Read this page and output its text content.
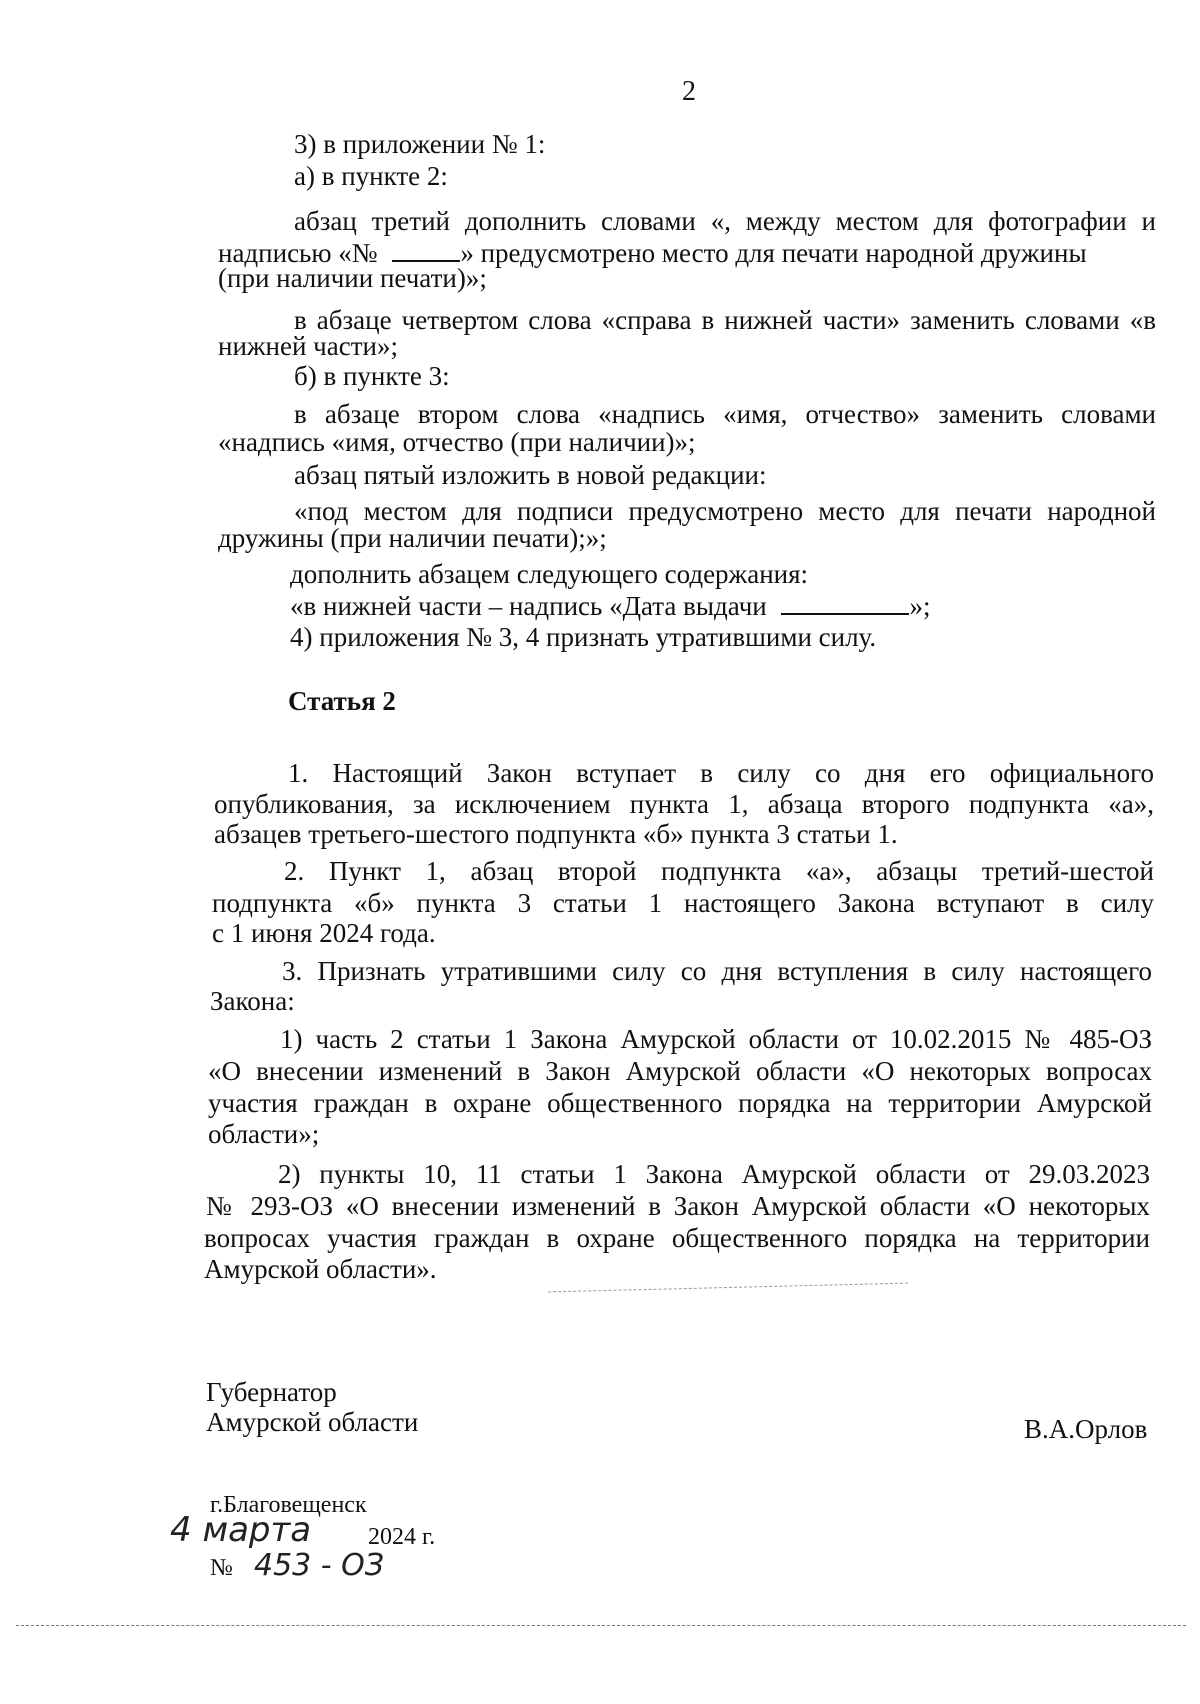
2
3) в приложении № 1:
а) в пункте 2:
абзац третий дополнить словами «, между местом для фотографии и
надписью «№	» предусмотрено место для печати народной дружины
(при наличии печати)»;
в абзаце четвертом слова «справа в нижней части» заменить словами «в
нижней части»;
б) в пункте 3:
в абзаце втором слова «надпись «имя, отчество» заменить словами
«надпись «имя, отчество (при наличии)»;
абзац пятый изложить в новой редакции:
«под местом для подписи предусмотрено место для печати народной
дружины (при наличии печати);»;
дополнить абзацем следующего содержания:
«в нижней части – надпись «Дата выдачи	»;
4) приложения № 3, 4 признать утратившими силу.
Статья 2
1. Настоящий Закон вступает в силу со дня его официального
опубликования, за исключением пункта 1, абзаца второго подпункта «а»,
абзацев третьего-шестого подпункта «б» пункта 3 статьи 1.
2. Пункт 1, абзац второй подпункта «а», абзацы третий-шестой
подпункта «б» пункта 3 статьи 1 настоящего Закона вступают в силу
с 1 июня 2024 года.
3. Признать утратившими силу со дня вступления в силу настоящего
Закона:
1) часть 2 статьи 1 Закона Амурской области от 10.02.2015 № 485-ОЗ
«О внесении изменений в Закон Амурской области «О некоторых вопросах
участия граждан в охране общественного порядка на территории Амурской
области»;
2) пункты 10, 11 статьи 1 Закона Амурской области от 29.03.2023
№ 293-ОЗ «О внесении изменений в Закон Амурской области «О некоторых
вопросах участия граждан в охране общественного порядка на территории
Амурской области».
Губернатор
Амурской области	В.А.Орлов
г.Благовещенск
4 марта 2024 г.
№ 453 - ОЗ
